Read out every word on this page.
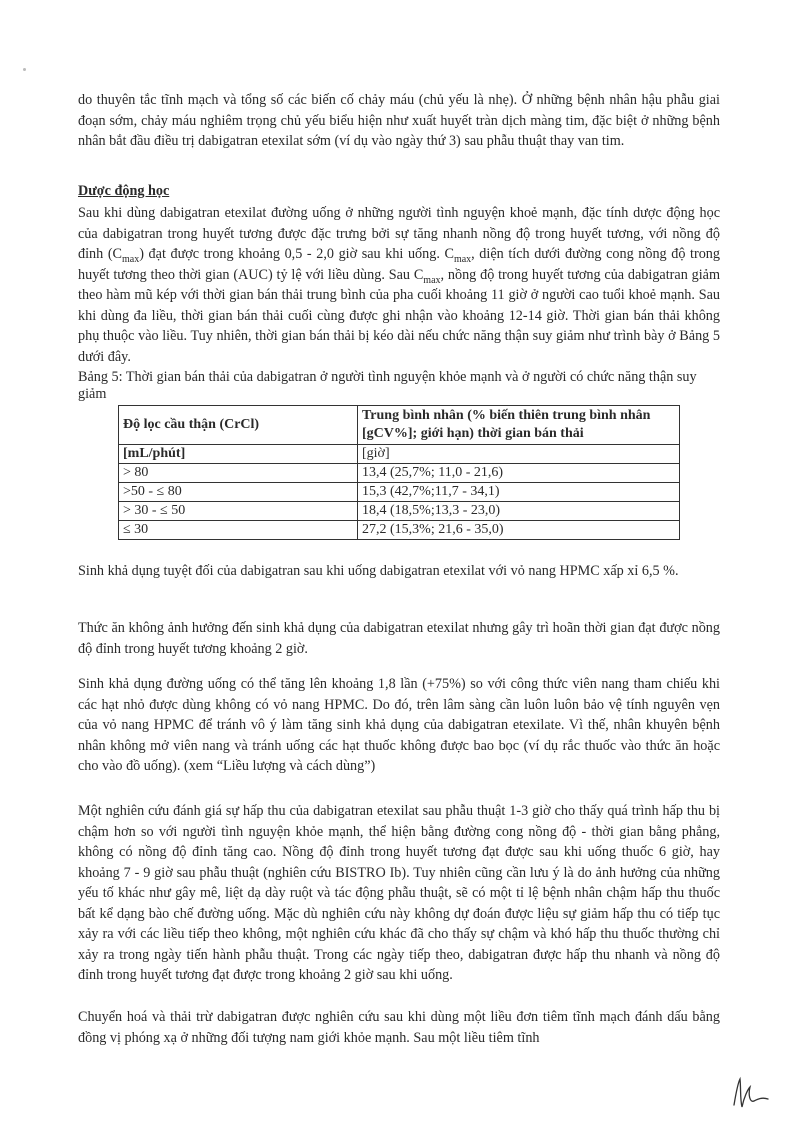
do thuyên tắc tĩnh mạch và tổng số các biến cố chảy máu (chủ yếu là nhẹ). Ở những bệnh nhân hậu phẫu giai đoạn sớm, chảy máu nghiêm trọng chủ yếu biểu hiện như xuất huyết tràn dịch màng tim, đặc biệt ở những bệnh nhân bắt đầu điều trị dabigatran etexilat sớm (ví dụ vào ngày thứ 3) sau phẫu thuật thay van tim.
Dược động học
Sau khi dùng dabigatran etexilat đường uống ở những người tình nguyện khoẻ mạnh, đặc tính dược động học của dabigatran trong huyết tương được đặc trưng bởi sự tăng nhanh nồng độ trong huyết tương, với nồng độ đỉnh $(C_{max})$ đạt được trong khoảng 0,5 - 2,0 giờ sau khi uống. $C_{max}$, diện tích dưới đường cong nồng độ trong huyết tương theo thời gian (AUC) tỷ lệ với liều dùng. Sau $C_{max}$, nồng độ trong huyết tương của dabigatran giảm theo hàm mũ kép với thời gian bán thải trung bình của pha cuối khoảng 11 giờ ở người cao tuổi khoẻ mạnh. Sau khi dùng đa liều, thời gian bán thải cuối cùng được ghi nhận vào khoảng 12-14 giờ. Thời gian bán thải không phụ thuộc vào liều. Tuy nhiên, thời gian bán thải bị kéo dài nếu chức năng thận suy giảm như trình bày ở Bảng 5 dưới đây.
Bảng 5: Thời gian bán thải của dabigatran ở người tình nguyện khỏe mạnh và ở người có chức năng thận suy giảm
Độ lọc cầu thận (CrCl)	Trung bình nhân (% biến thiên trung bình nhân [gCV%]; giới hạn) thời gian bán thải
[mL/phút]	[giờ]
> 80	13,4 (25,7%; 11,0 - 21,6)
>50 - ≤ 80	15,3 (42,7%;11,7 - 34,1)
> 30 - ≤ 50	18,4 (18,5%;13,3 - 23,0)
≤ 30	27,2 (15,3%; 21,6 - 35,0)
Sinh khả dụng tuyệt đối của dabigatran sau khi uống dabigatran etexilat với vỏ nang HPMC xấp xỉ 6,5 %.
Thức ăn không ảnh hưởng đến sinh khả dụng của dabigatran etexilat nhưng gây trì hoãn thời gian đạt được nồng độ đỉnh trong huyết tương khoảng 2 giờ.
Sinh khả dụng đường uống có thể tăng lên khoảng 1,8 lần (+75%) so với công thức viên nang tham chiếu khi các hạt nhỏ được dùng không có vỏ nang HPMC. Do đó, trên lâm sàng cần luôn luôn bảo vệ tính nguyên vẹn của vỏ nang HPMC để tránh vô ý làm tăng sinh khả dụng của dabigatran etexilate. Vì thế, nhân khuyên bệnh nhân không mở viên nang và tránh uống các hạt thuốc không được bao bọc (ví dụ rắc thuốc vào thức ăn hoặc cho vào đồ uống). (xem “Liều lượng và cách dùng”)
Một nghiên cứu đánh giá sự hấp thu của dabigatran etexilat sau phẫu thuật 1-3 giờ cho thấy quá trình hấp thu bị chậm hơn so với người tình nguyện khỏe mạnh, thể hiện bằng đường cong nồng độ - thời gian bằng phẳng, không có nồng độ đỉnh tăng cao. Nồng độ đỉnh trong huyết tương đạt được sau khi uống thuốc 6 giờ, hay khoảng 7 - 9 giờ sau phẫu thuật (nghiên cứu BISTRO Ib). Tuy nhiên cũng cần lưu ý là do ảnh hưởng của những yếu tố khác như gây mê, liệt dạ dày ruột và tác động phẫu thuật, sẽ có một tỉ lệ bệnh nhân chậm hấp thu thuốc bất kể dạng bào chế đường uống. Mặc dù nghiên cứu này không dự đoán được liệu sự giảm hấp thu có tiếp tục xảy ra với các liều tiếp theo không, một nghiên cứu khác đã cho thấy sự chậm và khó hấp thu thuốc thường chỉ xảy ra trong ngày tiến hành phẫu thuật. Trong các ngày tiếp theo, dabigatran được hấp thu nhanh và nồng độ đỉnh trong huyết tương đạt được trong khoảng 2 giờ sau khi uống.
Chuyển hoá và thải trừ dabigatran được nghiên cứu sau khi dùng một liều đơn tiêm tĩnh mạch đánh dấu bằng đồng vị phóng xạ ở những đối tượng nam giới khỏe mạnh. Sau một liều tiêm tĩnh
